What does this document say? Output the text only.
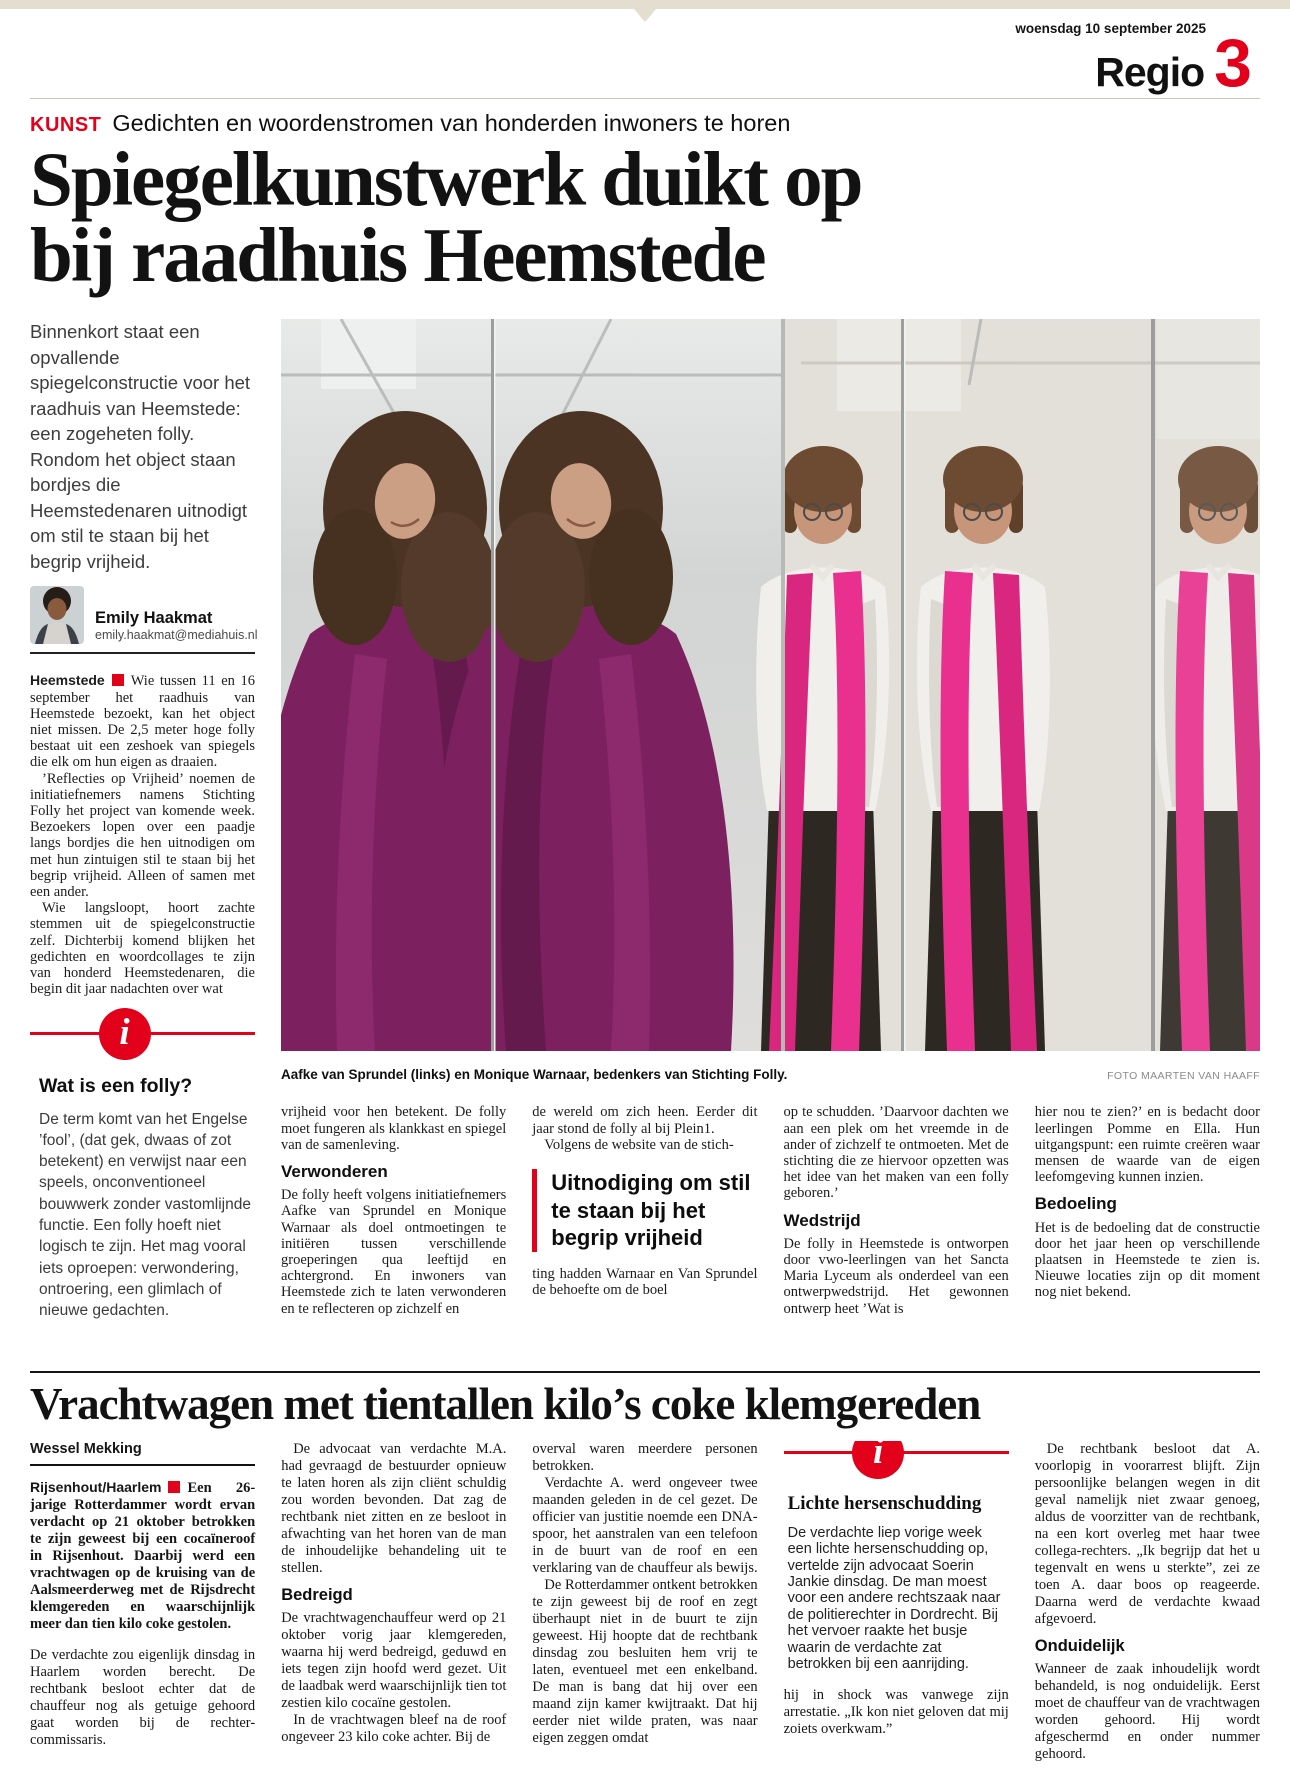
woensdag 10 september 2025
Regio 3
KUNST Gedichten en woordenstromen van honderden inwoners te horen
Spiegelkunstwerk duikt op
bij raadhuis Heemstede

Binnenkort staat een opvallende spiegelconstructie voor het raadhuis van Heemstede: een zogeheten folly. Rondom het object staan bordjes die Heemstedenaren uitnodigt om stil te staan bij het begrip vrijheid.

Emily Haakmat
emily.haakmat@mediahuis.nl

Heemstede Wie tussen 11 en 16 september het raadhuis van Heemstede bezoekt, kan het object niet missen. De 2,5 meter hoge folly bestaat uit een zeshoek van spiegels die elk om hun eigen as draaien.

’Reflecties op Vrijheid’ noemen de initiatiefnemers namens Stichting Folly het project van komende week. Bezoekers lopen over een paadje langs bordjes die hen uitnodigen om met hun zintuigen stil te staan bij het begrip vrijheid. Alleen of samen met een ander.

Wie langsloopt, hoort zachte stemmen uit de spiegelconstructie zelf. Dichterbij komend blijken het gedichten en woordcollages te zijn van honderd Heemstedenaren, die begin dit jaar nadachten over wat

i
Wat is een folly?
De term komt van het Engelse ’fool’, (dat gek, dwaas of zot betekent) en verwijst naar een speels, onconventioneel bouwwerk zonder vastomlijnde functie. Een folly hoeft niet logisch te zijn. Het mag vooral iets oproepen: verwondering, ontroering, een glimlach of nieuwe gedachten.
Aafke van Sprundel (links) en Monique Warnaar, bedenkers van Stichting Folly.	FOTO MAARTEN VAN HAAFF

vrijheid voor hen betekent. De folly moet fungeren als klankkast en spiegel van de samenleving.

Verwonderen

De folly heeft volgens initiatiefnemers Aafke van Sprundel en Monique Warnaar als doel ontmoetingen te initiëren tussen verschillende groeperingen qua leeftijd en achtergrond. En inwoners van Heemstede zich te laten verwonderen en te reflecteren op zichzelf en

de wereld om zich heen. Eerder dit jaar stond de folly al bij Plein1.

Volgens de website van de stich-

Uitnodiging om stil te staan bij het begrip vrijheid

ting hadden Warnaar en Van Sprundel de behoefte om de boel

op te schudden. ’Daarvoor dachten we aan een plek om het vreemde in de ander of zichzelf te ontmoeten. Met de stichting die ze hiervoor opzetten was het idee van het maken van een folly geboren.’

Wedstrijd

De folly in Heemstede is ontworpen door vwo-leerlingen van het Sancta Maria Lyceum als onderdeel van een ontwerpwedstrijd. Het gewonnen ontwerp heet ’Wat is

hier nou te zien?’ en is bedacht door leerlingen Pomme en Ella. Hun uitgangspunt: een ruimte creëren waar mensen de waarde van de eigen leefomgeving kunnen inzien.

Bedoeling

Het is de bedoeling dat de constructie door het jaar heen op verschillende plaatsen in Heemstede te zien is. Nieuwe locaties zijn op dit moment nog niet bekend.

Vrachtwagen met tientallen kilo’s coke klemgereden
Wessel Mekking

Rijsenhout/Haarlem Een 26-jarige Rotterdammer wordt ervan verdacht op 21 oktober betrokken te zijn geweest bij een cocaïneroof in Rijsenhout. Daarbij werd een vrachtwagen op de kruising van de Aalsmeerderweg met de Rijsdrecht klemgereden en waarschijnlijk meer dan tien kilo coke gestolen.

De verdachte zou eigenlijk dinsdag in Haarlem worden berecht. De rechtbank besloot echter dat de chauffeur nog als getuige gehoord gaat worden bij de rechter-commissaris.

De advocaat van verdachte M.A. had gevraagd de bestuurder opnieuw te laten horen als zijn cliënt schuldig zou worden bevonden. Dat zag de rechtbank niet zitten en ze besloot in afwachting van het horen van de man de inhoudelijke behandeling uit te stellen.

Bedreigd

De vrachtwagenchauffeur werd op 21 oktober vorig jaar klemgereden, waarna hij werd bedreigd, geduwd en iets tegen zijn hoofd werd gezet. Uit de laadbak werd waarschijnlijk tien tot zestien kilo cocaïne gestolen.

In de vrachtwagen bleef na de roof ongeveer 23 kilo coke achter. Bij de

overval waren meerdere personen betrokken.

Verdachte A. werd ongeveer twee maanden geleden in de cel gezet. De officier van justitie noemde een DNA-spoor, het aanstralen van een telefoon in de buurt van de roof en een verklaring van de chauffeur als bewijs.

De Rotterdammer ontkent betrokken te zijn geweest bij de roof en zegt überhaupt niet in de buurt te zijn geweest. Hij hoopte dat de rechtbank dinsdag zou besluiten hem vrij te laten, eventueel met een enkelband. De man is bang dat hij over een maand zijn kamer kwijtraakt. Dat hij eerder niet wilde praten, was naar eigen zeggen omdat

i
Lichte hersenschudding
De verdachte liep vorige week een lichte hersenschudding op, vertelde zijn advocaat Soerin Jankie dinsdag. De man moest voor een andere rechtszaak naar de politierechter in Dordrecht. Bij het vervoer raakte het busje waarin de verdachte zat betrokken bij een aanrijding.

hij in shock was vanwege zijn arrestatie. „Ik kon niet geloven dat mij zoiets overkwam.”

De rechtbank besloot dat A. voorlopig in voorarrest blijft. Zijn persoonlijke belangen wegen in dit geval namelijk niet zwaar genoeg, aldus de voorzitter van de rechtbank, na een kort overleg met haar twee collega-rechters. „Ik begrijp dat het u tegenvalt en wens u sterkte”, zei ze toen A. daar boos op reageerde. Daarna werd de verdachte kwaad afgevoerd.

Onduidelijk

Wanneer de zaak inhoudelijk wordt behandeld, is nog onduidelijk. Eerst moet de chauffeur van de vrachtwagen worden gehoord. Hij wordt afgeschermd en onder nummer gehoord.
